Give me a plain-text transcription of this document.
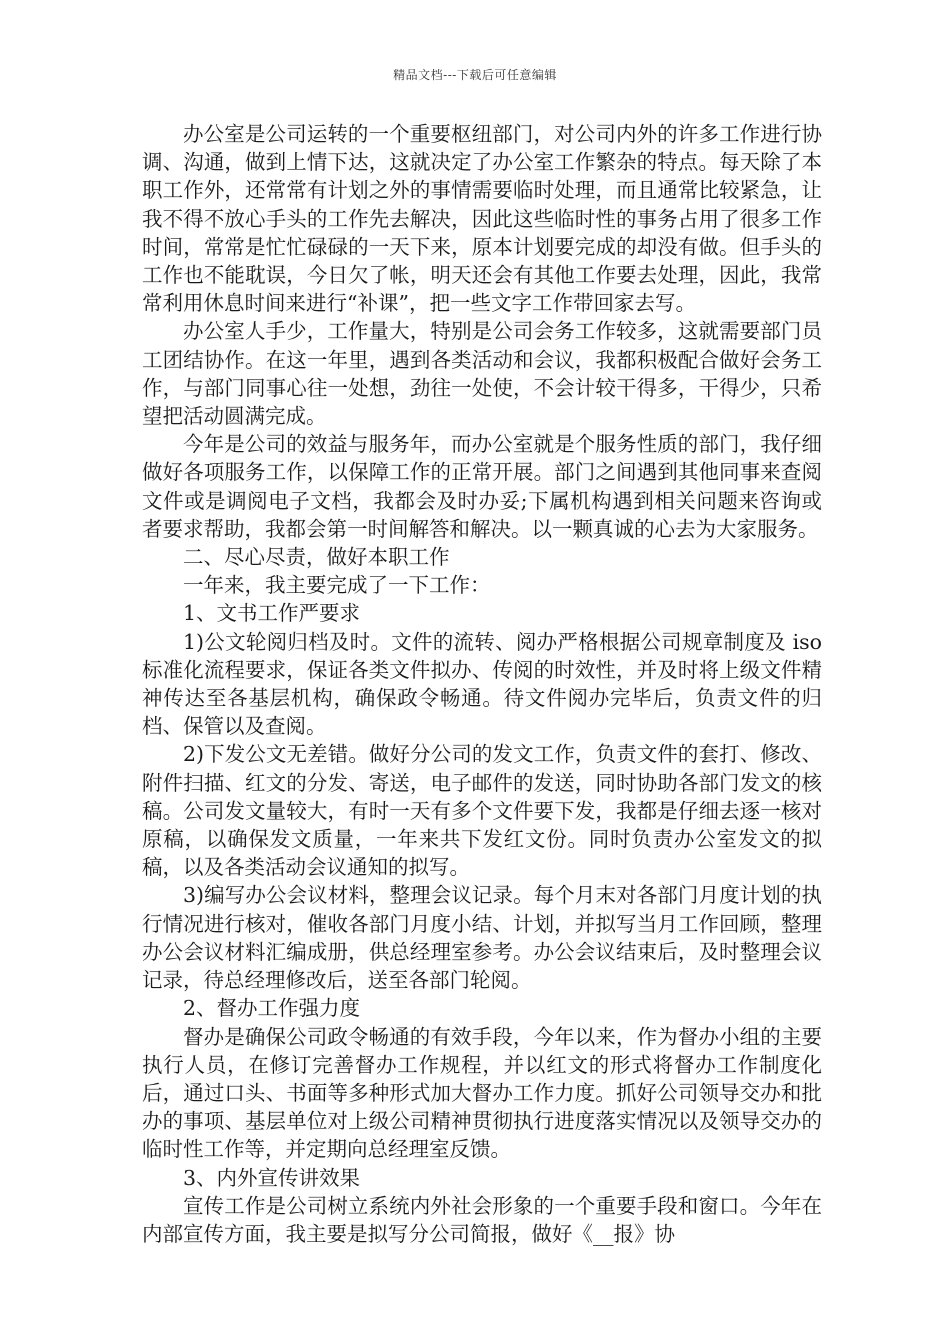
精品文档---下载后可任意编辑

办公室是公司运转的一个重要枢纽部门，对公司内外的许多工作进行协调、沟通，做到上情下达，这就决定了办公室工作繁杂的特点。每天除了本职工作外，还常常有计划之外的事情需要临时处理，而且通常比较紧急，让我不得不放心手头的工作先去解决，因此这些临时性的事务占用了很多工作时间，常常是忙忙碌碌的一天下来，原本计划要完成的却没有做。但手头的工作也不能耽误，今日欠了帐，明天还会有其他工作要去处理，因此，我常常利用休息时间来进行“补课”，把一些文字工作带回家去写。

办公室人手少，工作量大，特别是公司会务工作较多，这就需要部门员工团结协作。在这一年里，遇到各类活动和会议，我都积极配合做好会务工作，与部门同事心往一处想，劲往一处使，不会计较干得多，干得少，只希望把活动圆满完成。

今年是公司的效益与服务年，而办公室就是个服务性质的部门，我仔细做好各项服务工作，以保障工作的正常开展。部门之间遇到其他同事来查阅文件或是调阅电子文档，我都会及时办妥;下属机构遇到相关问题来咨询或者要求帮助，我都会第一时间解答和解决。以一颗真诚的心去为大家服务。

二、尽心尽责，做好本职工作

一年来，我主要完成了一下工作：

1、文书工作严要求

1)公文轮阅归档及时。文件的流转、阅办严格根据公司规章制度及 iso 标准化流程要求，保证各类文件拟办、传阅的时效性，并及时将上级文件精神传达至各基层机构，确保政令畅通。待文件阅办完毕后，负责文件的归档、保管以及查阅。

2)下发公文无差错。做好分公司的发文工作，负责文件的套打、修改、附件扫描、红文的分发、寄送，电子邮件的发送，同时协助各部门发文的核稿。公司发文量较大，有时一天有多个文件要下发，我都是仔细去逐一核对原稿，以确保发文质量，一年来共下发红文份。同时负责办公室发文的拟稿，以及各类活动会议通知的拟写。

3)编写办公会议材料，整理会议记录。每个月末对各部门月度计划的执行情况进行核对，催收各部门月度小结、计划，并拟写当月工作回顾，整理办公会议材料汇编成册，供总经理室参考。办公会议结束后，及时整理会议记录，待总经理修改后，送至各部门轮阅。

2、督办工作强力度

督办是确保公司政令畅通的有效手段，今年以来，作为督办小组的主要执行人员，在修订完善督办工作规程，并以红文的形式将督办工作制度化后，通过口头、书面等多种形式加大督办工作力度。抓好公司领导交办和批办的事项、基层单位对上级公司精神贯彻执行进度落实情况以及领导交办的临时性工作等，并定期向总经理室反馈。

3、内外宣传讲效果

宣传工作是公司树立系统内外社会形象的一个重要手段和窗口。今年在内部宣传方面，我主要是拟写分公司简报，做好《__报》协
